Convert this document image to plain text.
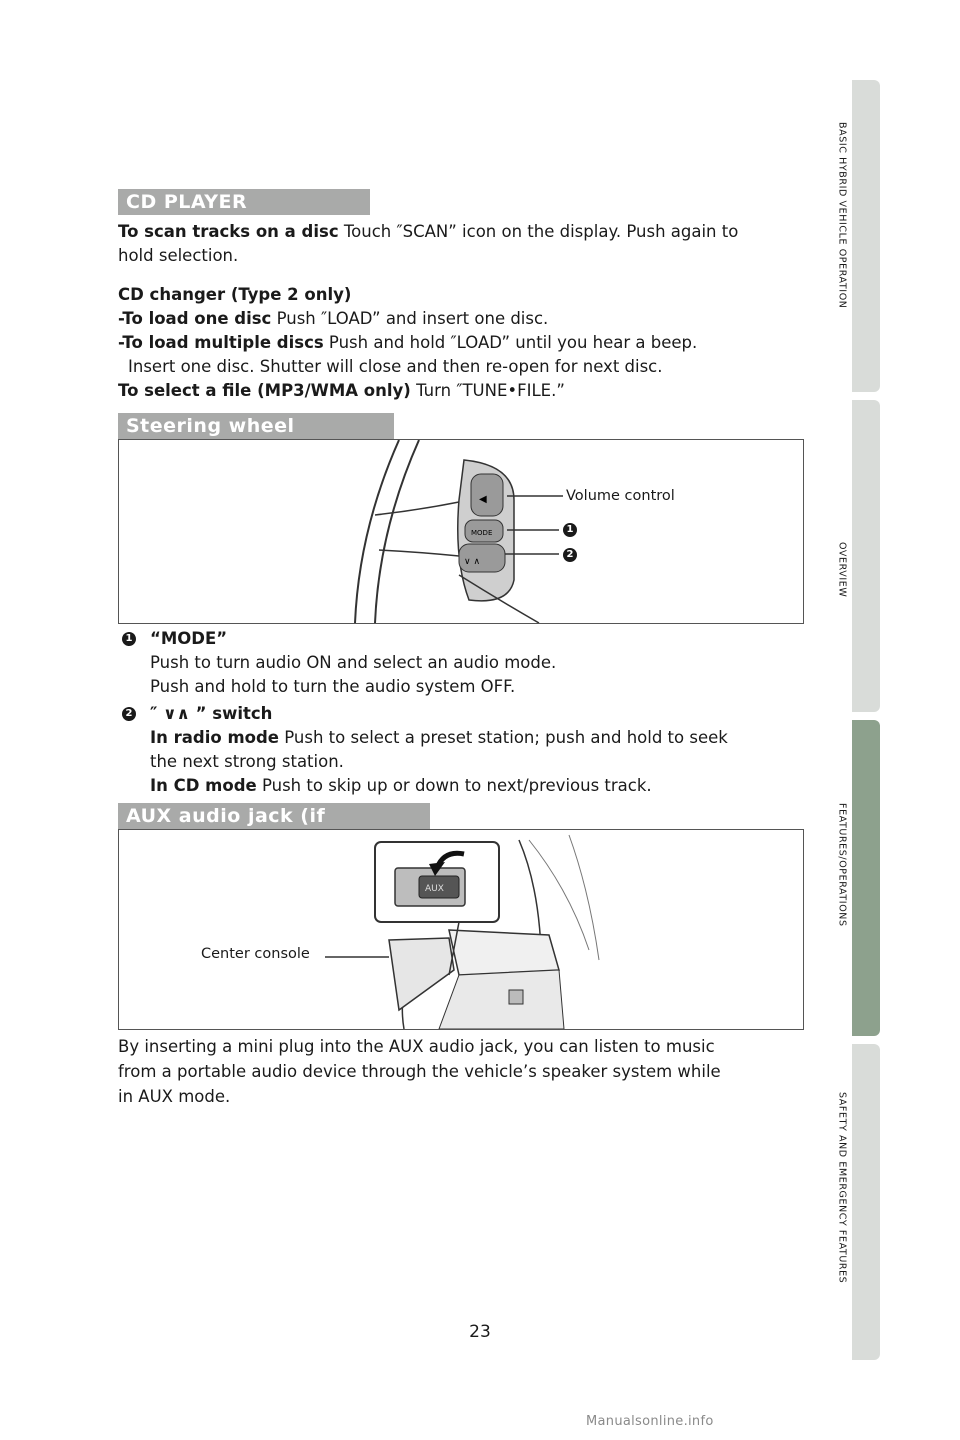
BASIC HYBRID VEHICLE OPERATION
OVERVIEW
FEATURES/OPERATIONS
SAFETY AND EMERGENCY FEATURES
CD PLAYER
To scan tracks on a disc Touch ″SCAN” icon on the display. Push again to
hold selection.
CD changer (Type 2 only)
-To load one disc Push ″LOAD” and insert one disc.
-To load multiple discs Push and hold ″LOAD” until you hear a beep.
Insert one disc. Shutter will close and then re-open for next disc.
To select a file (MP3/WMA only) Turn ″TUNE•FILE.”
Steering wheel
◀
MODE
∨ ∧
Volume control
1
2
1 “MODE”
Push to turn audio ON and select an audio mode.
Push and hold to turn the audio system OFF.
2 ″ ∨∧ ” switch
In radio mode Push to select a preset station; push and hold to seek
the next strong station.
In CD mode Push to skip up or down to next/previous track.
AUX audio jack (if
AUX
Center console
By inserting a mini plug into the AUX audio jack, you can listen to music
from a portable audio device through the vehicle’s speaker system while
in AUX mode.
23
Manualsonline.info
